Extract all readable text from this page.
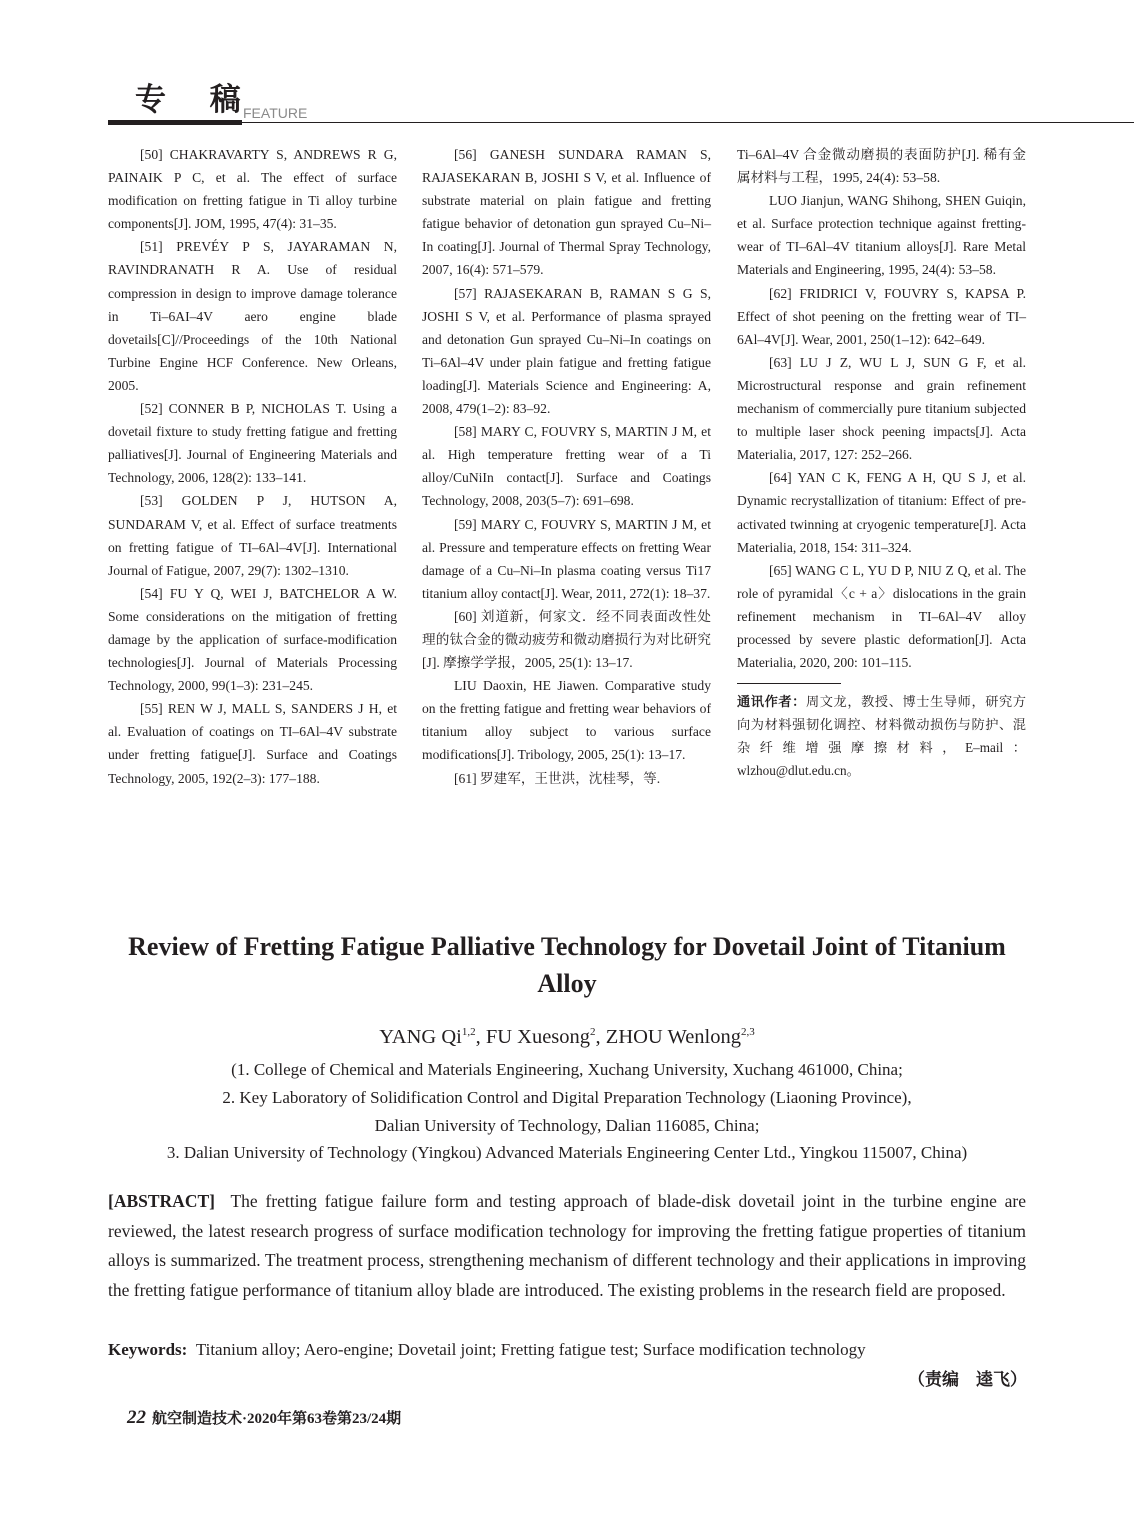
专 稿
FEATURE

[50] CHAKRAVARTY S, ANDREWS R G, PAINAIK P C, et al. The effect of surface modification on fretting fatigue in Ti alloy turbine components[J]. JOM, 1995, 47(4): 31–35.

[51] PREVÉY P S, JAYARAMAN N, RAVINDRANATH R A. Use of residual compression in design to improve damage tolerance in Ti–6AI–4V aero engine blade dovetails[C]//Proceedings of the 10th National Turbine Engine HCF Conference. New Orleans, 2005.

[52] CONNER B P, NICHOLAS T. Using a dovetail fixture to study fretting fatigue and fretting palliatives[J]. Journal of Engineering Materials and Technology, 2006, 128(2): 133–141.

[53] GOLDEN P J, HUTSON A, SUNDARAM V, et al. Effect of surface treatments on fretting fatigue of TI–6Al–4V[J]. International Journal of Fatigue, 2007, 29(7): 1302–1310.

[54] FU Y Q, WEI J, BATCHELOR A W. Some considerations on the mitigation of fretting damage by the application of surface-modification technologies[J]. Journal of Materials Processing Technology, 2000, 99(1–3): 231–245.

[55] REN W J, MALL S, SANDERS J H, et al. Evaluation of coatings on TI–6Al–4V substrate under fretting fatigue[J]. Surface and Coatings Technology, 2005, 192(2–3): 177–188.

[56] GANESH SUNDARA RAMAN S, RAJASEKARAN B, JOSHI S V, et al. Influence of substrate material on plain fatigue and fretting fatigue behavior of detonation gun sprayed Cu–Ni–In coating[J]. Journal of Thermal Spray Technology, 2007, 16(4): 571–579.

[57] RAJASEKARAN B, RAMAN S G S, JOSHI S V, et al. Performance of plasma sprayed and detonation Gun sprayed Cu–Ni–In coatings on Ti–6Al–4V under plain fatigue and fretting fatigue loading[J]. Materials Science and Engineering: A, 2008, 479(1–2): 83–92.

[58] MARY C, FOUVRY S, MARTIN J M, et al. High temperature fretting wear of a Ti alloy/CuNiIn contact[J]. Surface and Coatings Technology, 2008, 203(5–7): 691–698.

[59] MARY C, FOUVRY S, MARTIN J M, et al. Pressure and temperature effects on fretting Wear damage of a Cu–Ni–In plasma coating versus Ti17 titanium alloy contact[J]. Wear, 2011, 272(1): 18–37.

[60] 刘道新，何家文．经不同表面改性处理的钛合金的微动疲劳和微动磨损行为对比研究[J]. 摩擦学学报，2005, 25(1): 13–17.

LIU Daoxin, HE Jiawen. Comparative study on the fretting fatigue and fretting wear behaviors of titanium alloy subject to various surface modifications[J]. Tribology, 2005, 25(1): 13–17.

[61] 罗建军，王世洪，沈桂琴，等.

Ti–6Al–4V 合金微动磨损的表面防护[J]. 稀有金属材料与工程，1995, 24(4): 53–58.

LUO Jianjun, WANG Shihong, SHEN Guiqin, et al. Surface protection technique against fretting-wear of TI–6Al–4V titanium alloys[J]. Rare Metal Materials and Engineering, 1995, 24(4): 53–58.

[62] FRIDRICI V, FOUVRY S, KAPSA P. Effect of shot peening on the fretting wear of TI–6Al–4V[J]. Wear, 2001, 250(1–12): 642–649.

[63] LU J Z, WU L J, SUN G F, et al. Microstructural response and grain refinement mechanism of commercially pure titanium subjected to multiple laser shock peening impacts[J]. Acta Materialia, 2017, 127: 252–266.

[64] YAN C K, FENG A H, QU S J, et al. Dynamic recrystallization of titanium: Effect of pre-activated twinning at cryogenic temperature[J]. Acta Materialia, 2018, 154: 311–324.

[65] WANG C L, YU D P, NIU Z Q, et al. The role of pyramidal〈c + a〉dislocations in the grain refinement mechanism in TI–6Al–4V alloy processed by severe plastic deformation[J]. Acta Materialia, 2020, 200: 101–115.

通讯作者：周文龙，教授、博士生导师，研究方向为材料强韧化调控、材料微动损伤与防护、混杂纤维增强摩擦材料，E–mail：wlzhou@dlut.edu.cn。
Review of Fretting Fatigue Palliative Technology for Dovetail Joint of Titanium Alloy
YANG Qi$^{1,2}$, FU Xuesong$^2$, ZHOU Wenlong$^{2,3}$
(1. College of Chemical and Materials Engineering, Xuchang University, Xuchang 461000, China;
2. Key Laboratory of Solidification Control and Digital Preparation Technology (Liaoning Province),
Dalian University of Technology, Dalian 116085, China;
3. Dalian University of Technology (Yingkou) Advanced Materials Engineering Center Ltd., Yingkou 115007, China)

[ABSTRACT] The fretting fatigue failure form and testing approach of blade-disk dovetail joint in the turbine engine are reviewed, the latest research progress of surface modification technology for improving the fretting fatigue properties of titanium alloys is summarized. The treatment process, strengthening mechanism of different technology and their applications in improving the fretting fatigue performance of titanium alloy blade are introduced. The existing problems in the research field are proposed.

Keywords: Titanium alloy; Aero-engine; Dovetail joint; Fretting fatigue test; Surface modification technology

（责编　逵飞）
22 航空制造技术·2020年第63卷第23/24期
